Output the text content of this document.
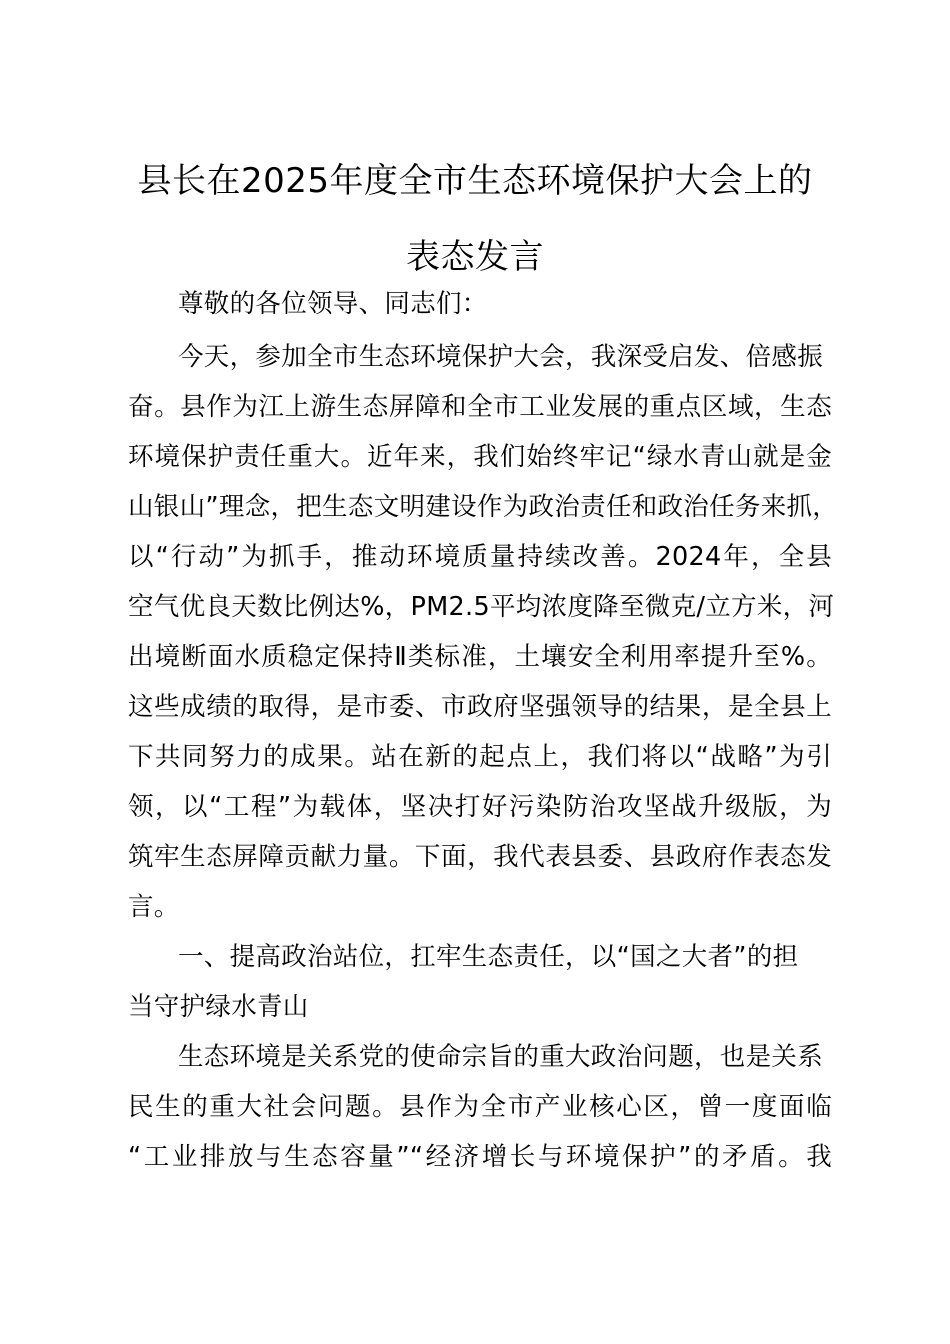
县长在2025年度全市生态环境保护大会上的
表态发言
尊敬的各位领导、同志们：
今天，参加全市生态环境保护大会，我深受启发、倍感振
奋。县作为江上游生态屏障和全市工业发展的重点区域，生态
环境保护责任重大。近年来，我们始终牢记“绿水青山就是金
山银山”理念，把生态文明建设作为政治责任和政治任务来抓，
以“行动”为抓手，推动环境质量持续改善。2024年，全县
空气优良天数比例达%，PM2.5平均浓度降至微克/立方米，河
出境断面水质稳定保持Ⅱ类标准，土壤安全利用率提升至%。
这些成绩的取得，是市委、市政府坚强领导的结果，是全县上
下共同努力的成果。站在新的起点上，我们将以“战略”为引
领，以“工程”为载体，坚决打好污染防治攻坚战升级版，为
筑牢生态屏障贡献力量。下面，我代表县委、县政府作表态发
言。
一、提高政治站位，扛牢生态责任，以“国之大者”的担
当守护绿水青山
生态环境是关系党的使命宗旨的重大政治问题，也是关系
民生的重大社会问题。县作为全市产业核心区，曾一度面临
“工业排放与生态容量”“经济增长与环境保护”的矛盾。我
